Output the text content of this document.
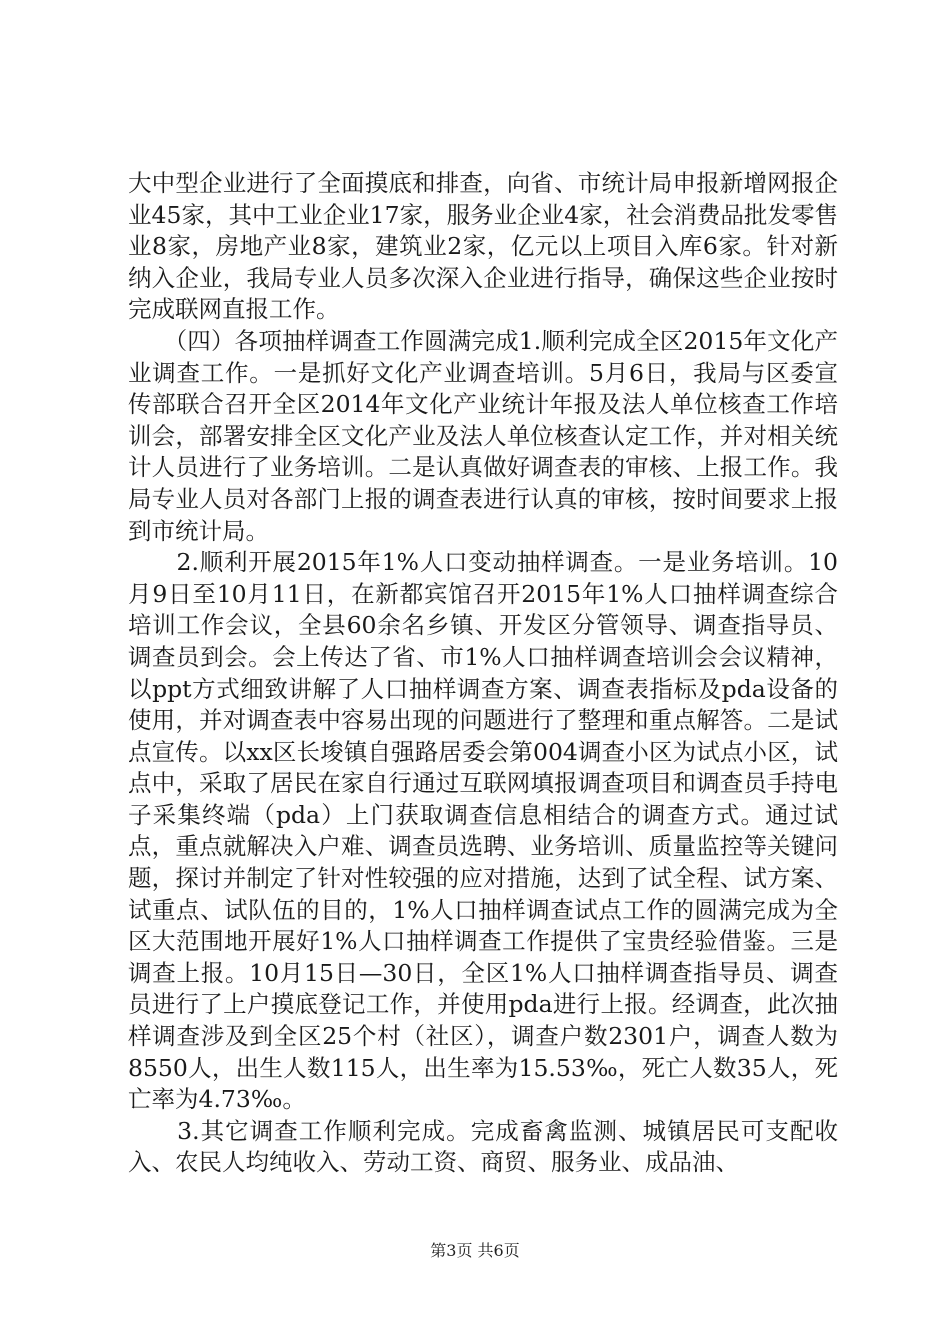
大中型企业进行了全面摸底和排查，向省、市统计局申报新增网报企业45家，其中工业企业17家，服务业企业4家，社会消费品批发零售业8家，房地产业8家，建筑业2家，亿元以上项目入库6家。针对新纳入企业，我局专业人员多次深入企业进行指导，确保这些企业按时完成联网直报工作。

　　（四）各项抽样调查工作圆满完成1.顺利完成全区2015年文化产业调查工作。一是抓好文化产业调查培训。5月6日，我局与区委宣传部联合召开全区2014年文化产业统计年报及法人单位核查工作培训会，部署安排全区文化产业及法人单位核查认定工作，并对相关统计人员进行了业务培训。二是认真做好调查表的审核、上报工作。我局专业人员对各部门上报的调查表进行认真的审核，按时间要求上报到市统计局。

　　2.顺利开展2015年1%人口变动抽样调查。一是业务培训。10月9日至10月11日，在新都宾馆召开2015年1%人口抽样调查综合培训工作会议，全县60余名乡镇、开发区分管领导、调查指导员、调查员到会。会上传达了省、市1%人口抽样调查培训会会议精神，以ppt方式细致讲解了人口抽样调查方案、调查表指标及pda设备的使用，并对调查表中容易出现的问题进行了整理和重点解答。二是试点宣传。以xx区长埈镇自强路居委会第004调查小区为试点小区，试点中，采取了居民在家自行通过互联网填报调查项目和调查员手持电子采集终端（pda）上门获取调查信息相结合的调查方式。通过试点，重点就解决入户难、调查员选聘、业务培训、质量监控等关键问题，探讨并制定了针对性较强的应对措施，达到了试全程、试方案、试重点、试队伍的目的，1%人口抽样调查试点工作的圆满完成为全区大范围地开展好1%人口抽样调查工作提供了宝贵经验借鉴。三是调查上报。10月15日—30日，全区1%人口抽样调查指导员、调查员进行了上户摸底登记工作，并使用pda进行上报。经调查，此次抽样调查涉及到全区25个村（社区），调查户数2301户，调查人数为8550人，出生人数115人，出生率为15.53‰，死亡人数35人，死亡率为4.73‰。

　　3.其它调查工作顺利完成。完成畜禽监测、城镇居民可支配收入、农民人均纯收入、劳动工资、商贸、服务业、成品油、

第3页 共6页
